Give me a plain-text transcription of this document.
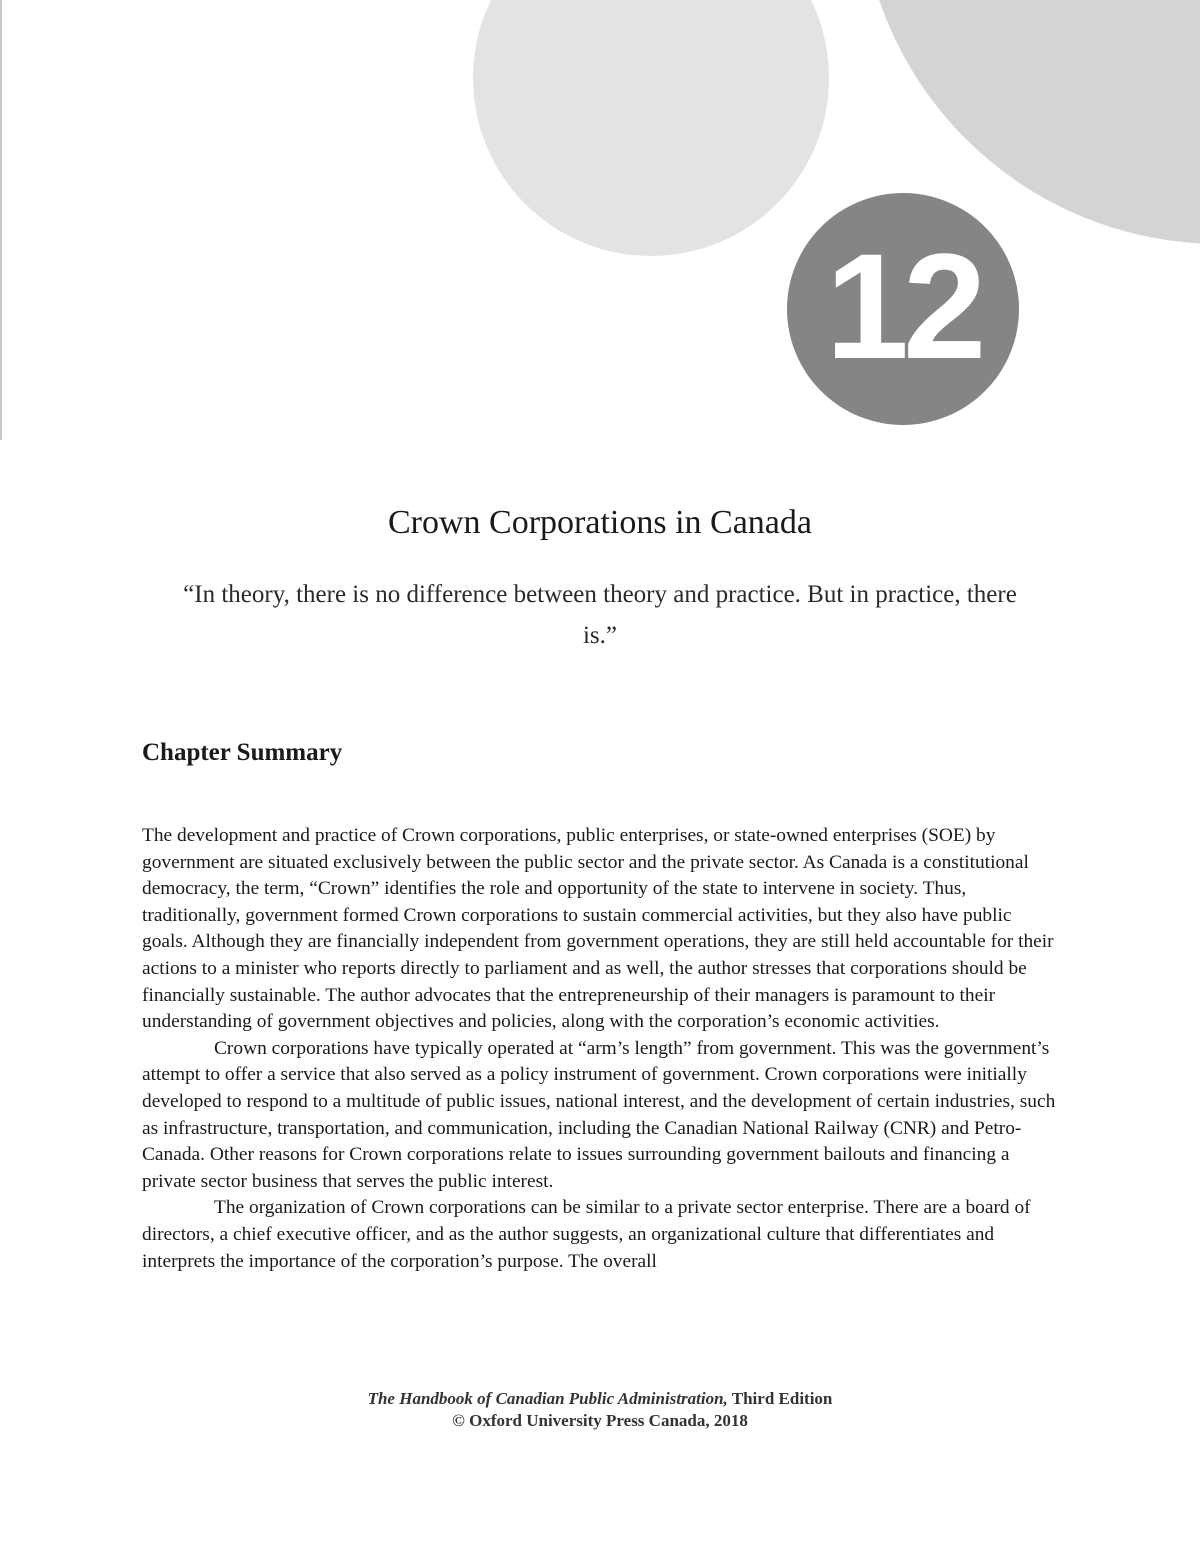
12
Crown Corporations in Canada

“In theory, there is no difference between theory and practice. But in practice, there is.”

Chapter Summary

The development and practice of Crown corporations, public enterprises, or state-owned enterprises (SOE) by government are situated exclusively between the public sector and the private sector. As Canada is a constitutional democracy, the term, “Crown” identifies the role and opportunity of the state to intervene in society. Thus, traditionally, government formed Crown corporations to sustain commercial activities, but they also have public goals. Although they are financially independent from government operations, they are still held accountable for their actions to a minister who reports directly to parliament and as well, the author stresses that corporations should be financially sustainable. The author advocates that the entrepreneurship of their managers is paramount to their understanding of government objectives and policies, along with the corporation’s economic activities.

Crown corporations have typically operated at “arm’s length” from government. This was the government’s attempt to offer a service that also served as a policy instrument of government. Crown corporations were initially developed to respond to a multitude of public issues, national interest, and the development of certain industries, such as infrastructure, transportation, and communication, including the Canadian National Railway (CNR) and Petro-Canada. Other reasons for Crown corporations relate to issues surrounding government bailouts and financing a private sector business that serves the public interest.

The organization of Crown corporations can be similar to a private sector enterprise. There are a board of directors, a chief executive officer, and as the author suggests, an organizational culture that differentiates and interprets the importance of the corporation’s purpose. The overall

The Handbook of Canadian Public Administration, Third Edition
© Oxford University Press Canada, 2018
